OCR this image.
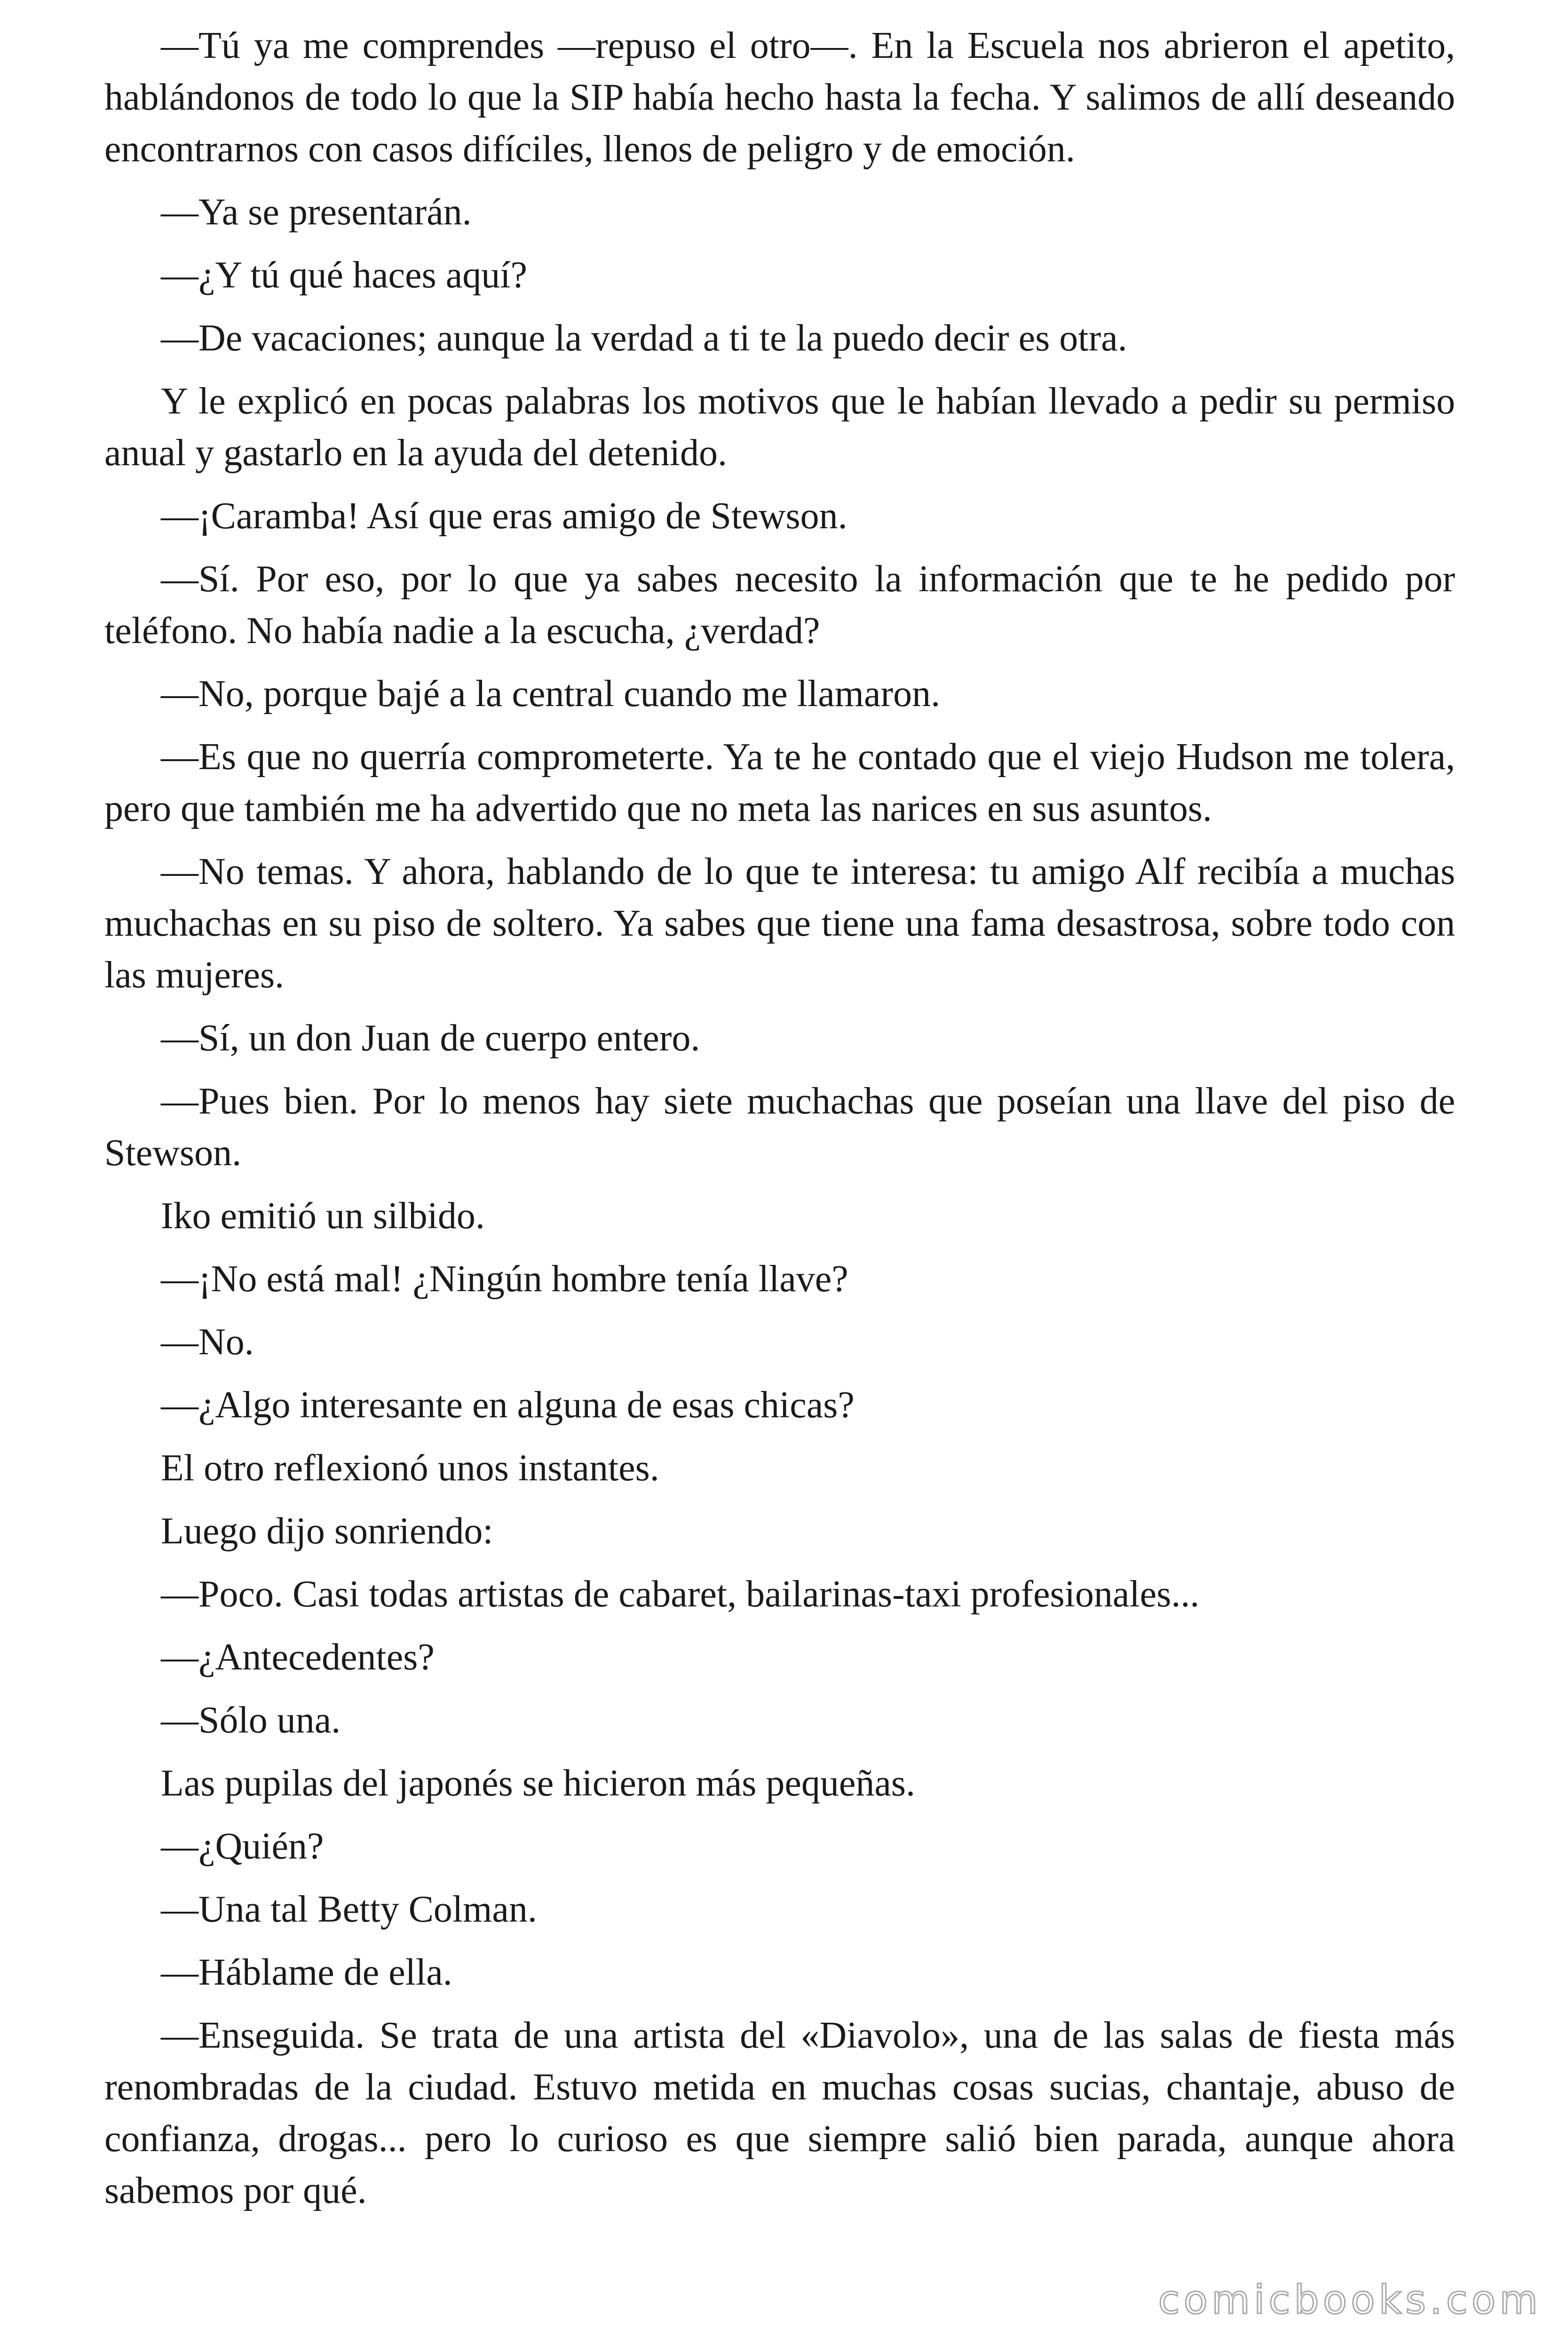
—Tú ya me comprendes —repuso el otro—. En la Escuela nos abrieron el apetito, hablándonos de todo lo que la SIP había hecho hasta la fecha. Y salimos de allí deseando encontrarnos con casos difíciles, llenos de peligro y de emoción.

—Ya se presentarán.

—¿Y tú qué haces aquí?

—De vacaciones; aunque la verdad a ti te la puedo decir es otra.

Y le explicó en pocas palabras los motivos que le habían llevado a pedir su permiso anual y gastarlo en la ayuda del detenido.

—¡Caramba! Así que eras amigo de Stewson.

—Sí. Por eso, por lo que ya sabes necesito la información que te he pedido por teléfono. No había nadie a la escucha, ¿verdad?

—No, porque bajé a la central cuando me llamaron.

—Es que no querría comprometerte. Ya te he contado que el viejo Hudson me tolera, pero que también me ha advertido que no meta las narices en sus asuntos.

—No temas. Y ahora, hablando de lo que te interesa: tu amigo Alf recibía a muchas muchachas en su piso de soltero. Ya sabes que tiene una fama desastrosa, sobre todo con las mujeres.

—Sí, un don Juan de cuerpo entero.

—Pues bien. Por lo menos hay siete muchachas que poseían una llave del piso de Stewson.

Iko emitió un silbido.

—¡No está mal! ¿Ningún hombre tenía llave?

—No.

—¿Algo interesante en alguna de esas chicas?

El otro reflexionó unos instantes.

Luego dijo sonriendo:

—Poco. Casi todas artistas de cabaret, bailarinas-taxi profesionales...

—¿Antecedentes?

—Sólo una.

Las pupilas del japonés se hicieron más pequeñas.

—¿Quién?

—Una tal Betty Colman.

—Háblame de ella.

—Enseguida. Se trata de una artista del «Diavolo», una de las salas de fiesta más renombradas de la ciudad. Estuvo metida en muchas cosas sucias, chantaje, abuso de confianza, drogas... pero lo curioso es que siempre salió bien parada, aunque ahora sabemos por qué.

comicbooks.com
